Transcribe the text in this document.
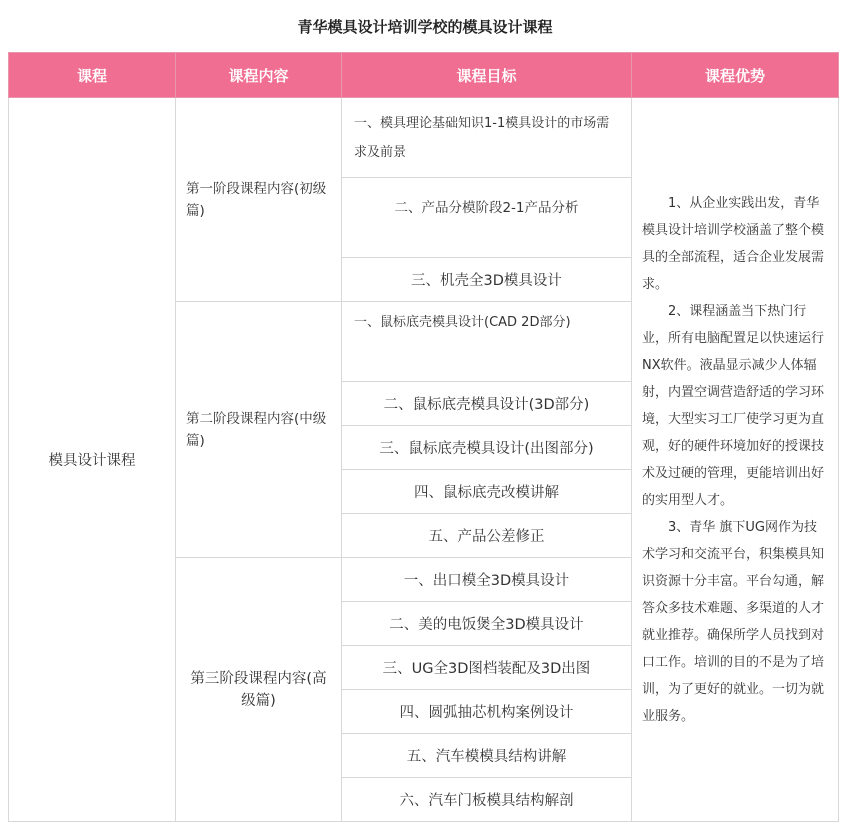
青华模具设计培训学校的模具设计课程
课程	课程内容	课程目标	课程优势
模具设计课程	第一阶段课程内容(初级篇)	一、模具理论基础知识1-1模具设计的市场需求及前景	1、从企业实践出发，青华模具设计培训学校涵盖了整个模具的全部流程，适合企业发展需求。

2、课程涵盖当下热门行业，所有电脑配置足以快速运行NX软件。液晶显示减少人体辐射，内置空调营造舒适的学习环境，大型实习工厂使学习更为直观，好的硬件环境加好的授课技术及过硬的管理，更能培训出好的实用型人才。

3、青华 旗下UG网作为技术学习和交流平台，积集模具知识资源十分丰富。平台勾通，解答众多技术难题、多渠道的人才就业推荐。确保所学人员找到对口工作。培训的目的不是为了培训，为了更好的就业。一切为就业服务。

		二、产品分模阶段2-1产品分析	
		三、机壳全3D模具设计	
	第二阶段课程内容(中级篇)	一、鼠标底壳模具设计(CAD 2D部分)	
		二、鼠标底壳模具设计(3D部分)	
		三、鼠标底壳模具设计(出图部分)	
		四、鼠标底壳改模讲解	
		五、产品公差修正	
	第三阶段课程内容(高级篇)	一、出口模全3D模具设计	
		二、美的电饭煲全3D模具设计	
		三、UG全3D图档装配及3D出图	
		四、圆弧抽芯机构案例设计	
		五、汽车模模具结构讲解	
		六、汽车门板模具结构解剖	
